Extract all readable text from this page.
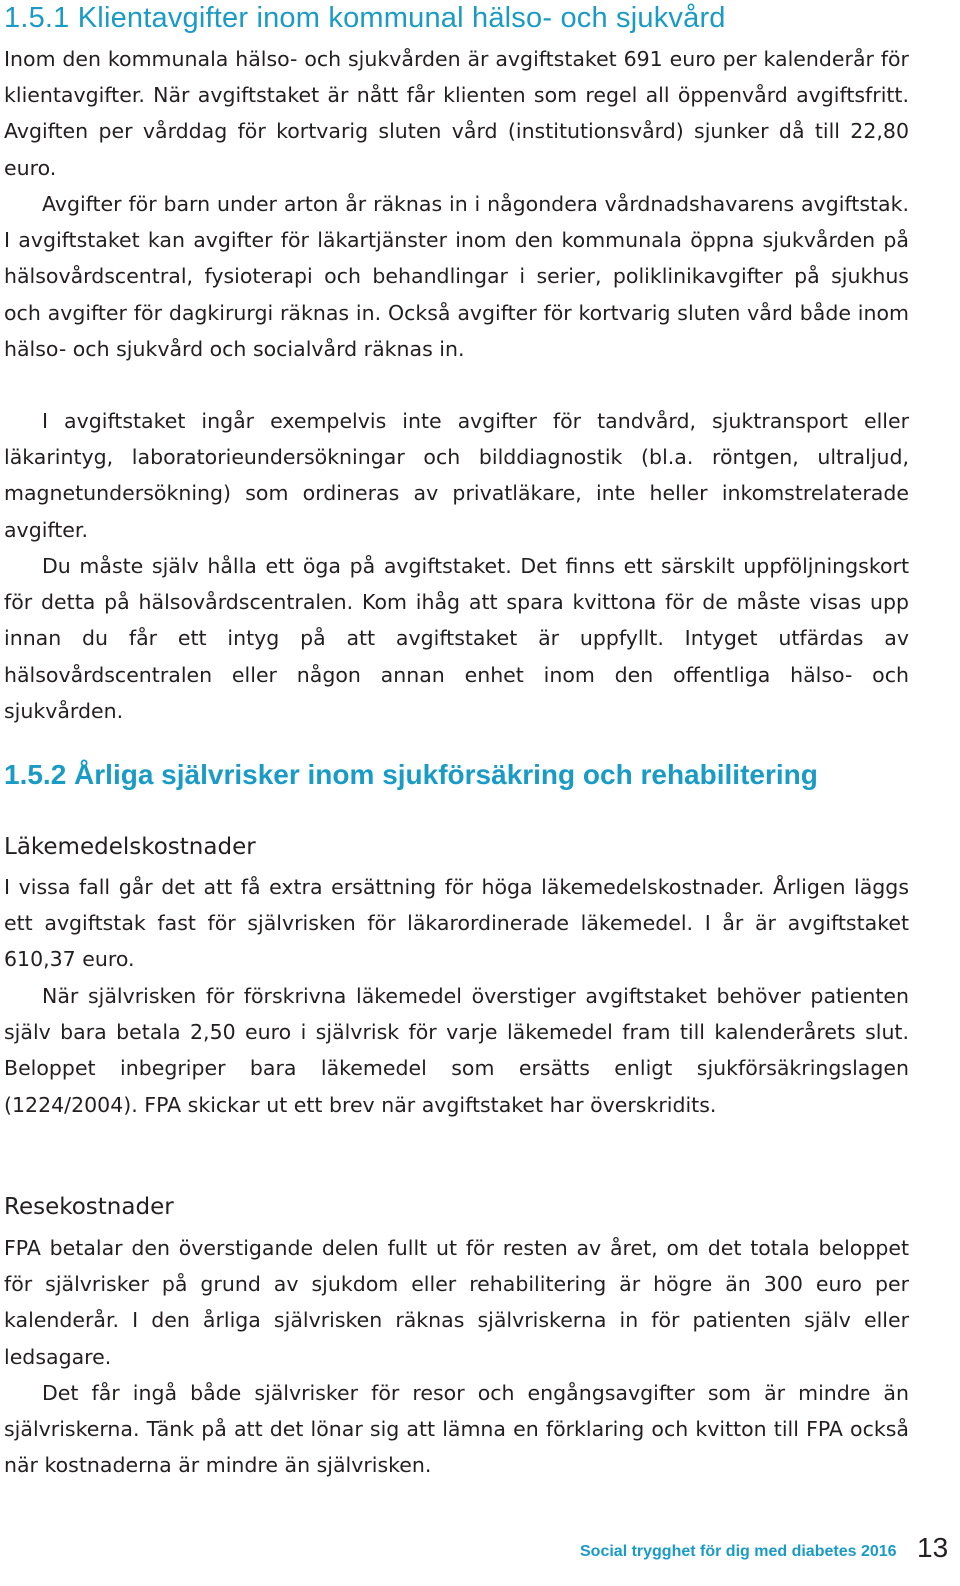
1.5.1 Klientavgifter inom kommunal hälso- och sjukvård

Inom den kommunala hälso- och sjukvården är avgiftstaket 691 euro per kalenderår för klientavgifter. När avgiftstaket är nått får klienten som regel all öppenvård avgiftsfritt. Avgiften per vårddag för kortvarig sluten vård (institutionsvård) sjunker då till 22,80 euro.

Avgifter för barn under arton år räknas in i någondera vårdnadshavarens avgiftstak. I avgiftstaket kan avgifter för läkartjänster inom den kommunala öppna sjukvården på hälsovårdscentral, fysioterapi och behandlingar i serier, poliklinikavgifter på sjukhus och avgifter för dagkirurgi räknas in. Också avgifter för kortvarig sluten vård både inom hälso- och sjukvård och socialvård räknas in.

I avgiftstaket ingår exempelvis inte avgifter för tandvård, sjuktransport eller läkarintyg, laboratorieundersökningar och bilddiagnostik (bl.a. röntgen, ultraljud, magnetundersökning) som ordineras av privatläkare, inte heller inkomstrelaterade avgifter.

Du måste själv hålla ett öga på avgiftstaket. Det finns ett särskilt uppföljningskort för detta på hälsovårdscentralen. Kom ihåg att spara kvittona för de måste visas upp innan du får ett intyg på att avgiftstaket är uppfyllt. Intyget utfärdas av hälsovårdscentralen eller någon annan enhet inom den offentliga hälso- och sjukvården.

1.5.2 Årliga självrisker inom sjukförsäkring och rehabilitering
Läkemedelskostnader

I vissa fall går det att få extra ersättning för höga läkemedelskostnader. Årligen läggs ett avgiftstak fast för självrisken för läkarordinerade läkemedel. I år är avgiftstaket 610,37 euro.

När självrisken för förskrivna läkemedel överstiger avgiftstaket behöver patienten själv bara betala 2,50 euro i självrisk för varje läkemedel fram till kalenderårets slut. Beloppet inbegriper bara läkemedel som ersätts enligt sjukförsäkringslagen (1224/2004). FPA skickar ut ett brev när avgiftstaket har överskridits.

Resekostnader

FPA betalar den överstigande delen fullt ut för resten av året, om det totala beloppet för självrisker på grund av sjukdom eller rehabilitering är högre än 300 euro per kalenderår. I den årliga självrisken räknas självriskerna in för patienten själv eller ledsagare.

Det får ingå både självrisker för resor och engångsavgifter som är mindre än självriskerna. Tänk på att det lönar sig att lämna en förklaring och kvitton till FPA också när kostnaderna är mindre än självrisken.

Social trygghet för dig med diabetes 2016 13
